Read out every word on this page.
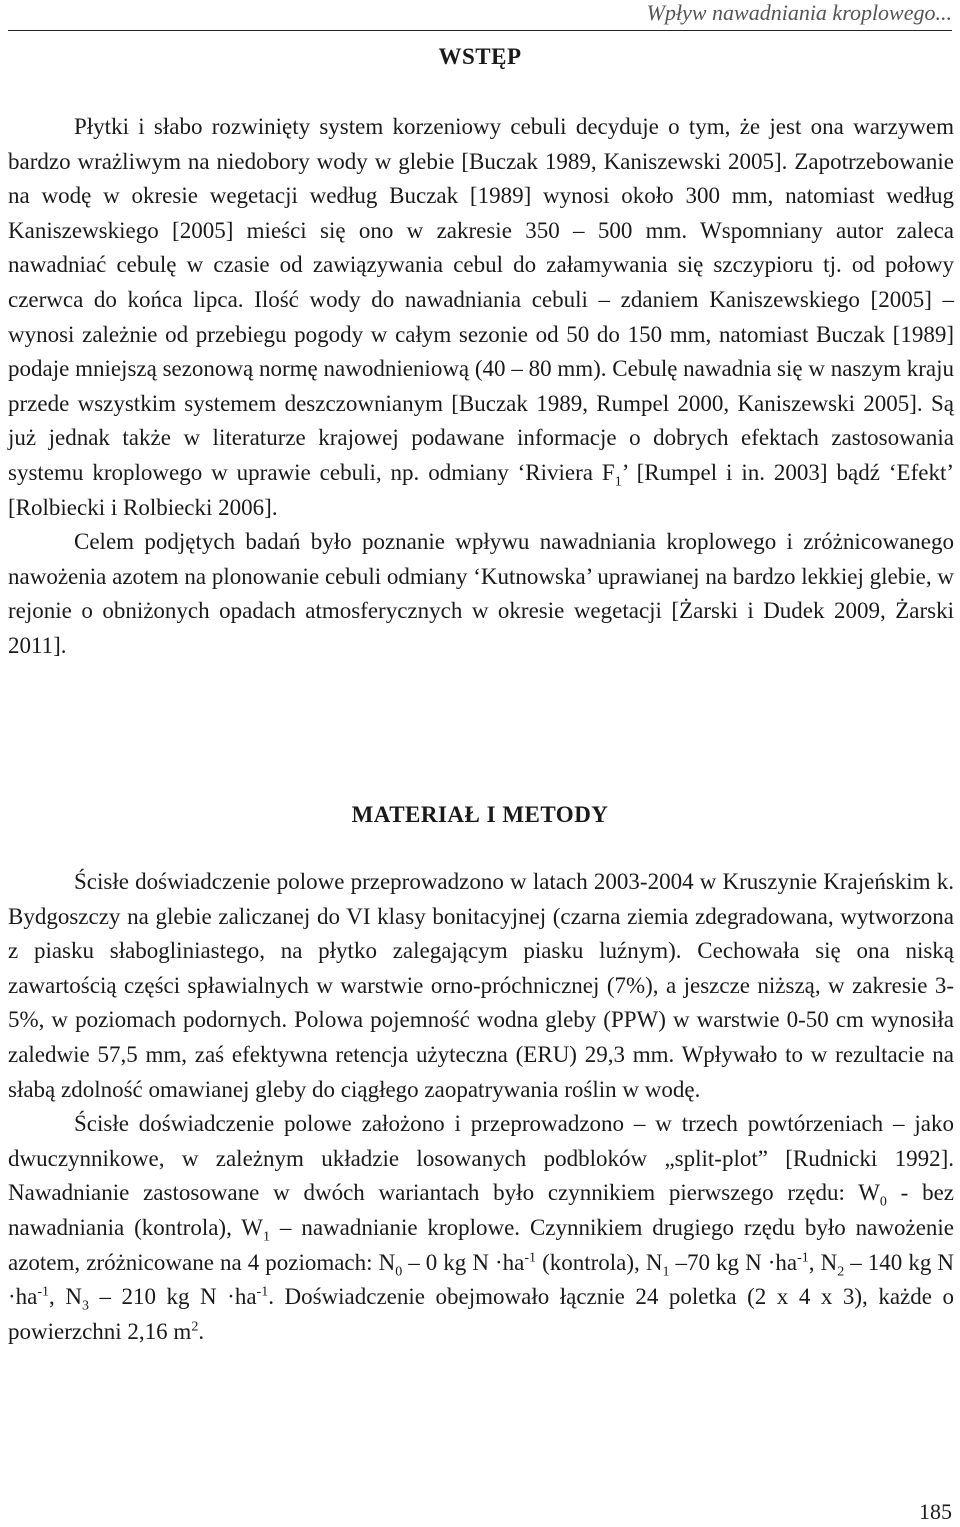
Wpływ nawadniania kroplowego...
WSTĘP

Płytki i słabo rozwinięty system korzeniowy cebuli decyduje o tym, że jest ona warzywem bardzo wrażliwym na niedobory wody w glebie [Buczak 1989, Kaniszewski 2005]. Zapotrzebowanie na wodę w okresie wegetacji według Buczak [1989] wynosi około 300 mm, natomiast według Kaniszewskiego [2005] mieści się ono w zakresie 350 – 500 mm. Wspomniany autor zaleca nawadniać cebulę w czasie od zawiązywania cebul do załamywania się szczypioru tj. od połowy czerwca do końca lipca. Ilość wody do nawadniania cebuli – zdaniem Kaniszewskiego [2005] – wynosi zależnie od przebiegu pogody w całym sezonie od 50 do 150 mm, natomiast Buczak [1989] podaje mniejszą sezonową normę nawodnieniową (40 – 80 mm). Cebulę nawadnia się w naszym kraju przede wszystkim systemem deszczownianym [Buczak 1989, Rumpel 2000, Kaniszewski 2005]. Są już jednak także w literaturze krajowej podawane informacje o dobrych efektach zastosowania systemu kroplowego w uprawie cebuli, np. odmiany ‘Riviera $F_1$’ [Rumpel i in. 2003] bądź ‘Efekt’ [Rolbiecki i Rolbiecki 2006].

Celem podjętych badań było poznanie wpływu nawadniania kroplowego i zróżnicowanego nawożenia azotem na plonowanie cebuli odmiany ‘Kutnowska’ uprawianej na bardzo lekkiej glebie, w rejonie o obniżonych opadach atmosferycznych w okresie wegetacji [Żarski i Dudek 2009, Żarski 2011].

MATERIAŁ I METODY

Ścisłe doświadczenie polowe przeprowadzono w latach 2003-2004 w Kruszynie Krajeńskim k. Bydgoszczy na glebie zaliczanej do VI klasy bonitacyjnej (czarna ziemia zdegradowana, wytworzona z piasku słabogliniastego, na płytko zalegającym piasku luźnym). Cechowała się ona niską zawartością części spławialnych w warstwie orno-próchnicznej (7%), a jeszcze niższą, w zakresie 3-5%, w poziomach podornych. Polowa pojemność wodna gleby (PPW) w warstwie 0-50 cm wynosiła zaledwie 57,5 mm, zaś efektywna retencja użyteczna (ERU) 29,3 mm. Wpływało to w rezultacie na słabą zdolność omawianej gleby do ciągłego zaopatrywania roślin w wodę.

Ścisłe doświadczenie polowe założono i przeprowadzono – w trzech powtórzeniach – jako dwuczynnikowe, w zależnym układzie losowanych podbloków „split-plot” [Rudnicki 1992]. Nawadnianie zastosowane w dwóch wariantach było czynnikiem pierwszego rzędu: $W_0$ - bez nawadniania (kontrola), $W_1$ – nawadnianie kroplowe. Czynnikiem drugiego rzędu było nawożenie azotem, zróżnicowane na 4 poziomach: $N_0 - 0$ kg $N \cdot ha^{-1}$ (kontrola), $N_1$ –70 kg $N \cdot ha^{-1}$, $N_2 - 140$ kg $N \cdot ha^{-1}$, $N_3 - 210$ kg $N \cdot ha^{-1}$. Doświadczenie obejmowało łącznie 24 poletka (2 x 4 x 3), każde o powierzchni 2,16 $m^2$.

185
